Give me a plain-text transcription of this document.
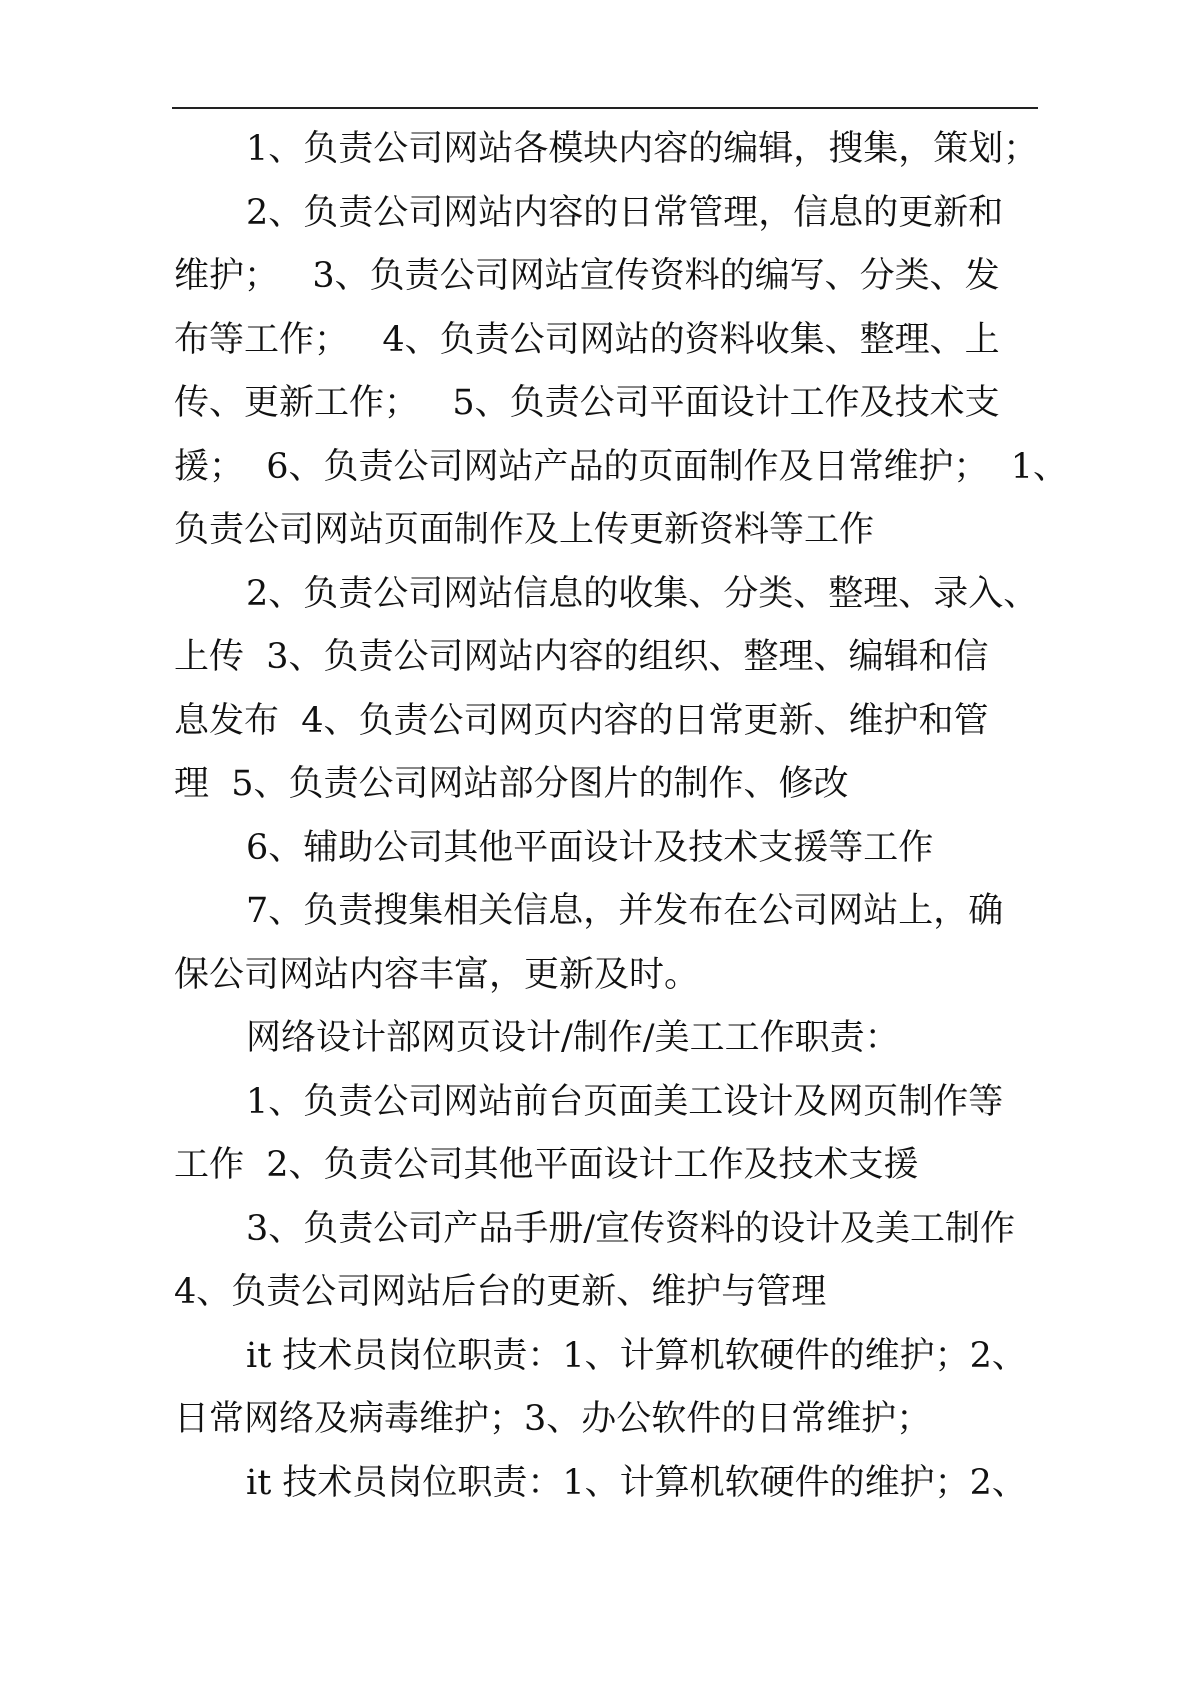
1、负责公司网站各模块内容的编辑，搜集，策划；
2、负责公司网站内容的日常管理，信息的更新和
维护；   3、负责公司网站宣传资料的编写、分类、发
布等工作；   4、负责公司网站的资料收集、整理、上
传、更新工作；   5、负责公司平面设计工作及技术支
援；  6、负责公司网站产品的页面制作及日常维护；  1、
负责公司网站页面制作及上传更新资料等工作
2、负责公司网站信息的收集、分类、整理、录入、
上传  3、负责公司网站内容的组织、整理、编辑和信
息发布  4、负责公司网页内容的日常更新、维护和管
理  5、负责公司网站部分图片的制作、修改
6、辅助公司其他平面设计及技术支援等工作
7、负责搜集相关信息，并发布在公司网站上，确
保公司网站内容丰富，更新及时。
网络设计部网页设计/制作/美工工作职责：
1、负责公司网站前台页面美工设计及网页制作等
工作  2、负责公司其他平面设计工作及技术支援
3、负责公司产品手册/宣传资料的设计及美工制作
4、负责公司网站后台的更新、维护与管理
it 技术员岗位职责：1、计算机软硬件的维护；2、
日常网络及病毒维护；3、办公软件的日常维护；
it 技术员岗位职责：1、计算机软硬件的维护；2、
